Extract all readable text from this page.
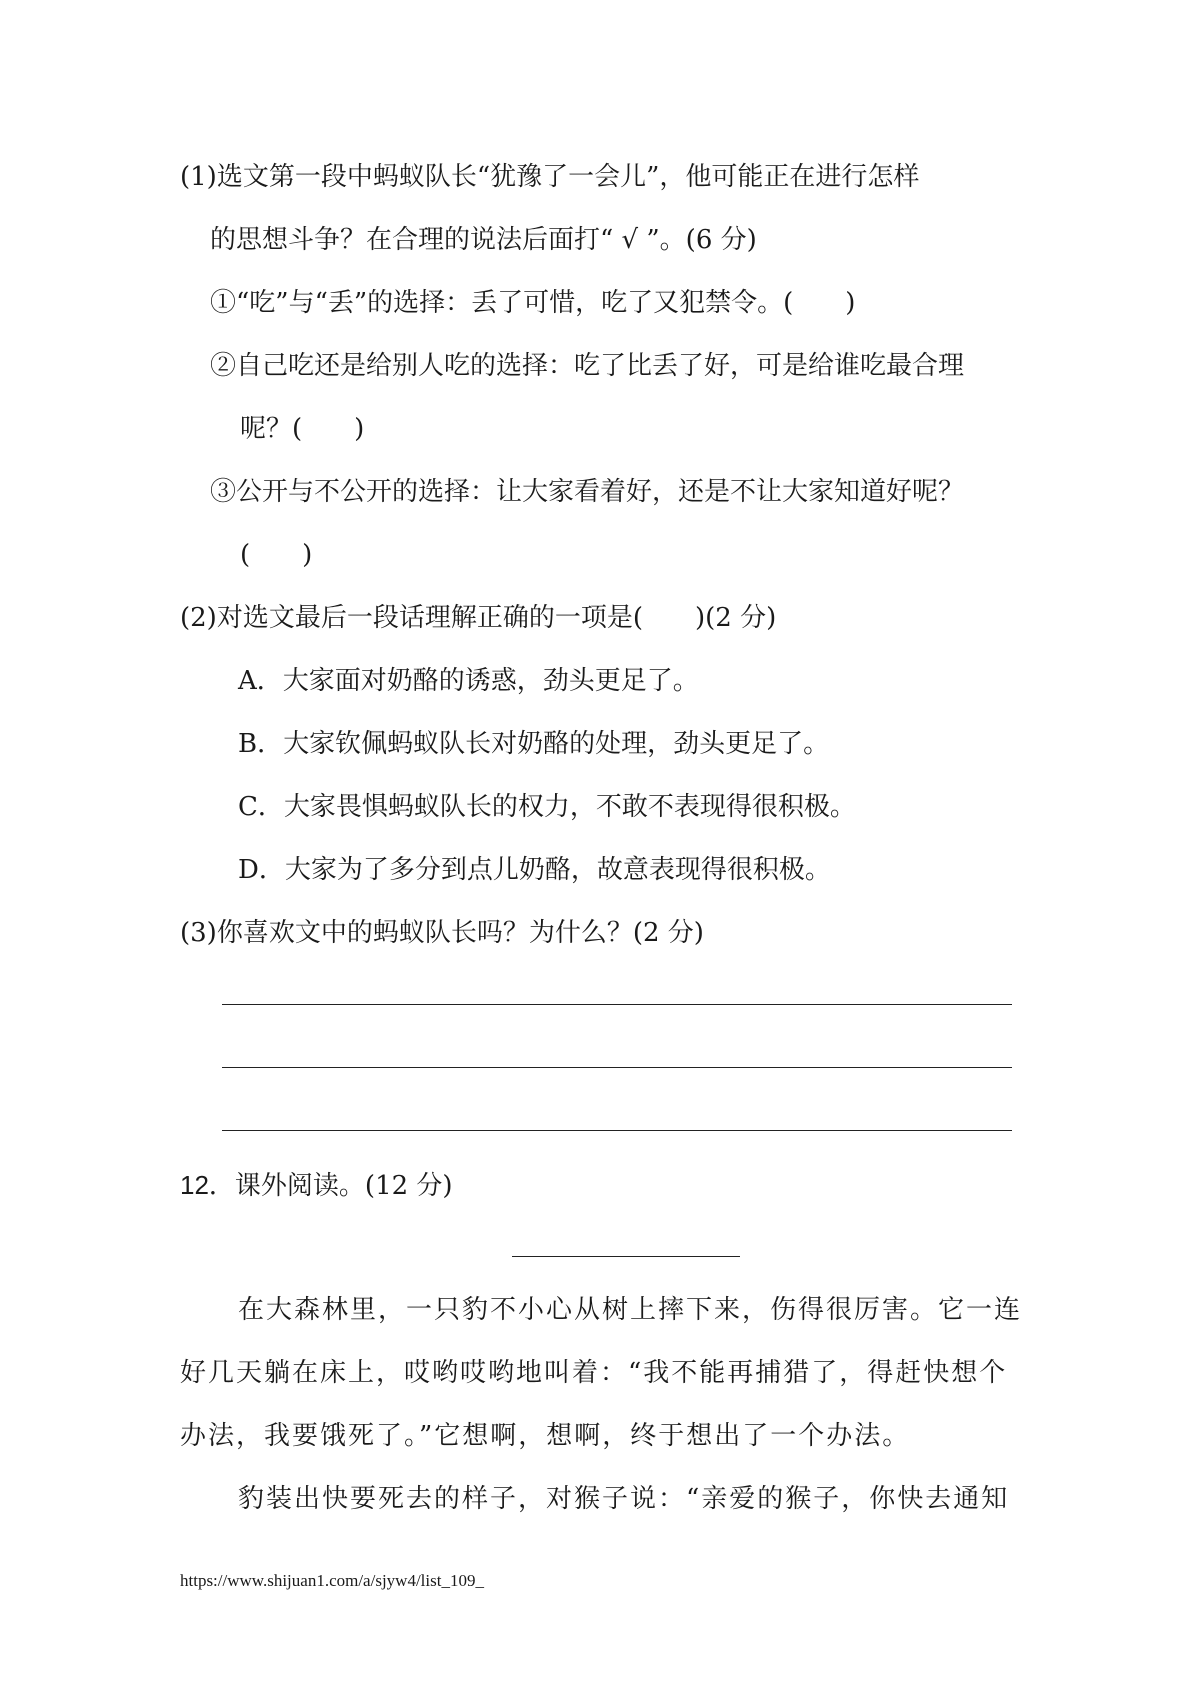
(1)选文第一段中蚂蚁队长“犹豫了一会儿”，他可能正在进行怎样
的思想斗争？在合理的说法后面打“ √ ”。(6 分)
①“吃”与“丢”的选择：丢了可惜，吃了又犯禁令。(　　)
②自己吃还是给别人吃的选择：吃了比丢了好，可是给谁吃最合理
呢？(　　)
③公开与不公开的选择：让大家看着好，还是不让大家知道好呢？
(　　)
(2)对选文最后一段话理解正确的一项是(　　)(2 分)
A．大家面对奶酪的诱惑，劲头更足了。
B．大家钦佩蚂蚁队长对奶酪的处理，劲头更足了。
C．大家畏惧蚂蚁队长的权力，不敢不表现得很积极。
D．大家为了多分到点儿奶酪，故意表现得很积极。
(3)你喜欢文中的蚂蚁队长吗？为什么？(2 分)
12．课外阅读。(12 分)
在大森林里，一只豹不小心从树上摔下来，伤得很厉害。它一连
好几天躺在床上，哎哟哎哟地叫着：“我不能再捕猎了，得赶快想个
办法，我要饿死了。”它想啊，想啊，终于想出了一个办法。
豹装出快要死去的样子，对猴子说：“亲爱的猴子，你快去通知
https://www.shijuan1.com/a/sjyw4/list_109_
